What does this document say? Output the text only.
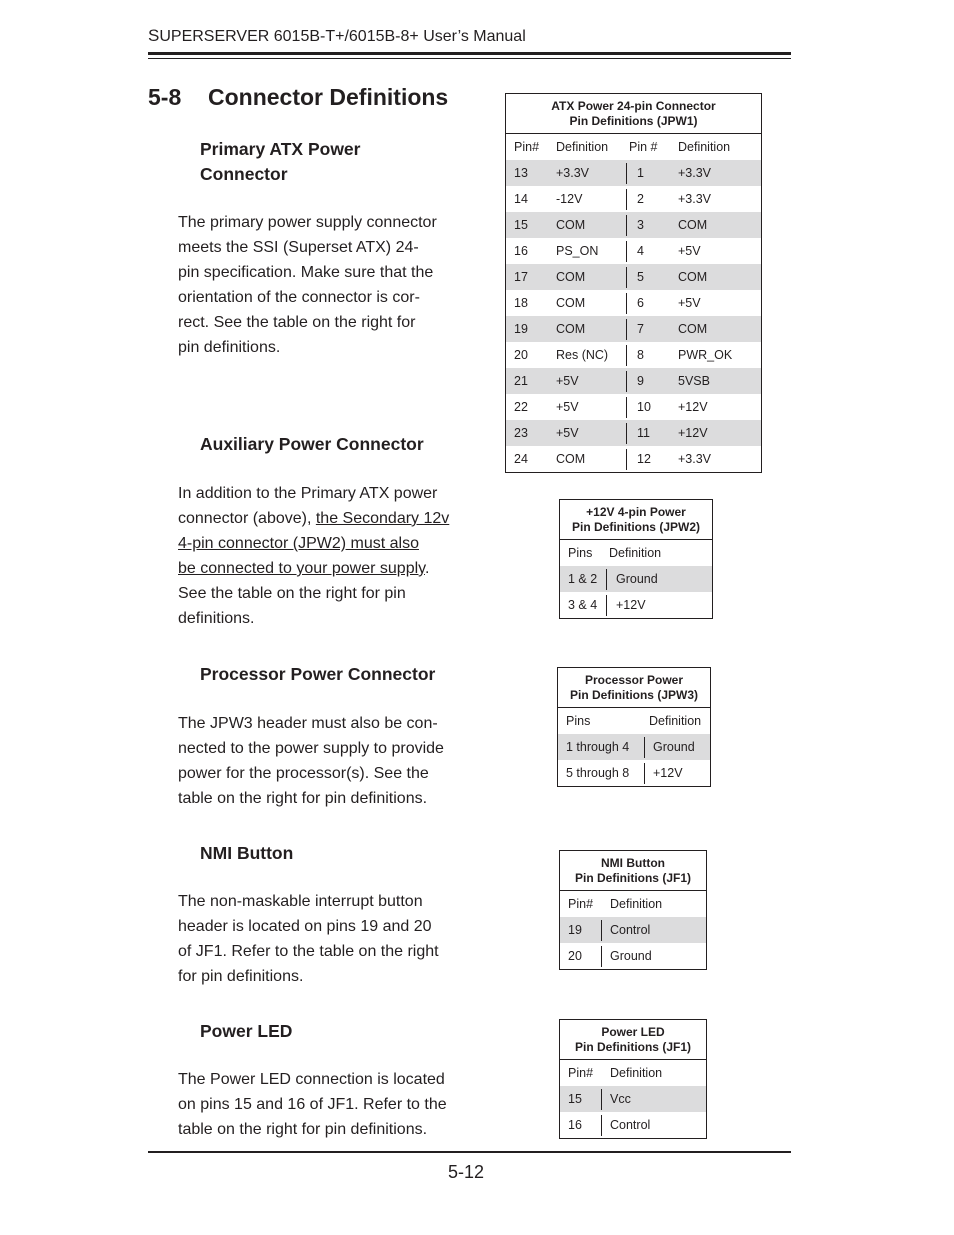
SUPERSERVER 6015B-T+/6015B-8+ User’s Manual
5-8 Connector Definitions
Primary ATX Power
Connector
The primary power supply connector
meets the SSI (Superset ATX) 24-
pin specification. Make sure that the
orientation of the connector is cor-
rect. See the table on the right for
pin definitions.
Auxiliary Power Connector
In addition to the Primary ATX power
connector (above), the Secondary 12v
4-pin connector (JPW2) must also
be connected to your power supply.
See the table on the right for pin
definitions.
Processor Power Connector
The JPW3 header must also be con-
nected to the power supply to provide
power for the processor(s). See the
table on the right for pin definitions.
NMI Button
The non-maskable interrupt button
header is located on pins 19 and 20
of JF1. Refer to the table on the right
for pin definitions.
Power LED
The Power LED connection is located
on pins 15 and 16 of JF1. Refer to the
table on the right for pin definitions.
ATX Power 24-pin Connector
Pin Definitions (JPW1)
Pin# Definition Pin # Definition
13 +3.3V	1	+3.3V
14 -12V	2	+3.3V
15 COM	3	COM
16 PS_ON	4	+5V
17 COM	5	COM
18 COM	6	+5V
19 COM	7	COM
20 Res (NC) 8	PWR_OK
21 +5V	9	5VSB
22 +5V	10 +12V
23 +5V	11 +12V
24 COM	12 +3.3V
+12V 4-pin Power
Pin Definitions (JPW2)
Pins Definition
1 & 2 Ground
3 & 4 +12V
Processor Power
Pin Definitions (JPW3)
Pins	Definition
1 through 4 Ground
5 through 8 +12V
NMI Button
Pin Definitions (JF1)
Pin# Definition
19 Control
20 Ground
Power LED
Pin Definitions (JF1)
Pin# Definition
15 Vcc
16 Control
5-12
